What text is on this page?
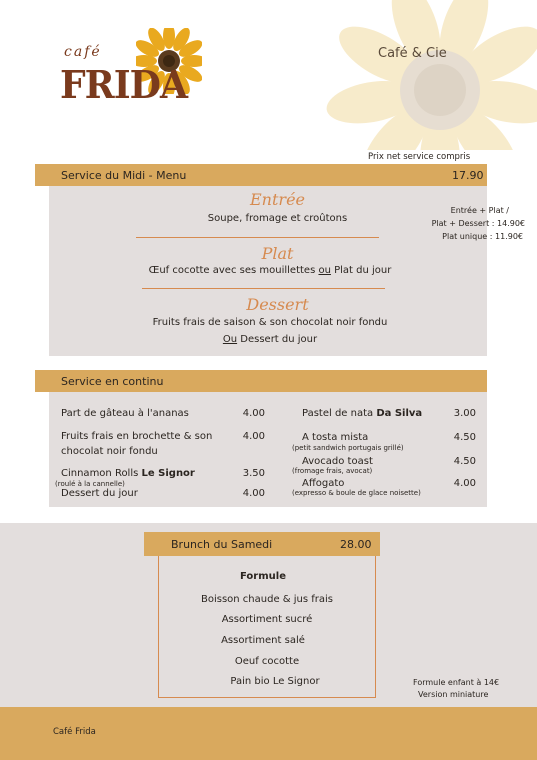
café
FRIDA
Café & Cie
Prix net service compris
Service du Midi - Menu	17.90
Entrée
Soupe, fromage et croûtons
Plat
Œuf cocotte avec ses mouillettes ou Plat du jour
Dessert
Fruits frais de saison & son chocolat noir fondu
Ou Dessert du jour
Entrée + Plat /
Plat + Dessert : 14.90€
Plat unique : 11.90€
Service en continu
Part de gâteau à l'ananas	4.00
Fruits frais en brochette & son
chocolat noir fondu
4.00
Cinnamon Rolls Le Signor
(roulé à la cannelle)
3.50
Dessert du jour	4.00
Pastel de nata Da Silva	3.00
A tosta mista
(petit sandwich portugais grillé)
4.50
Avocado toast
(fromage frais, avocat)
4.50
Affogato
(expresso & boule de glace noisette)
4.00
Brunch du Samedi	28.00
Formule
Boisson chaude & jus frais
Assortiment sucré
Assortiment salé
Oeuf cocotte
Pain bio Le Signor	Formule enfant à 14€
Version miniature
Café Frida
